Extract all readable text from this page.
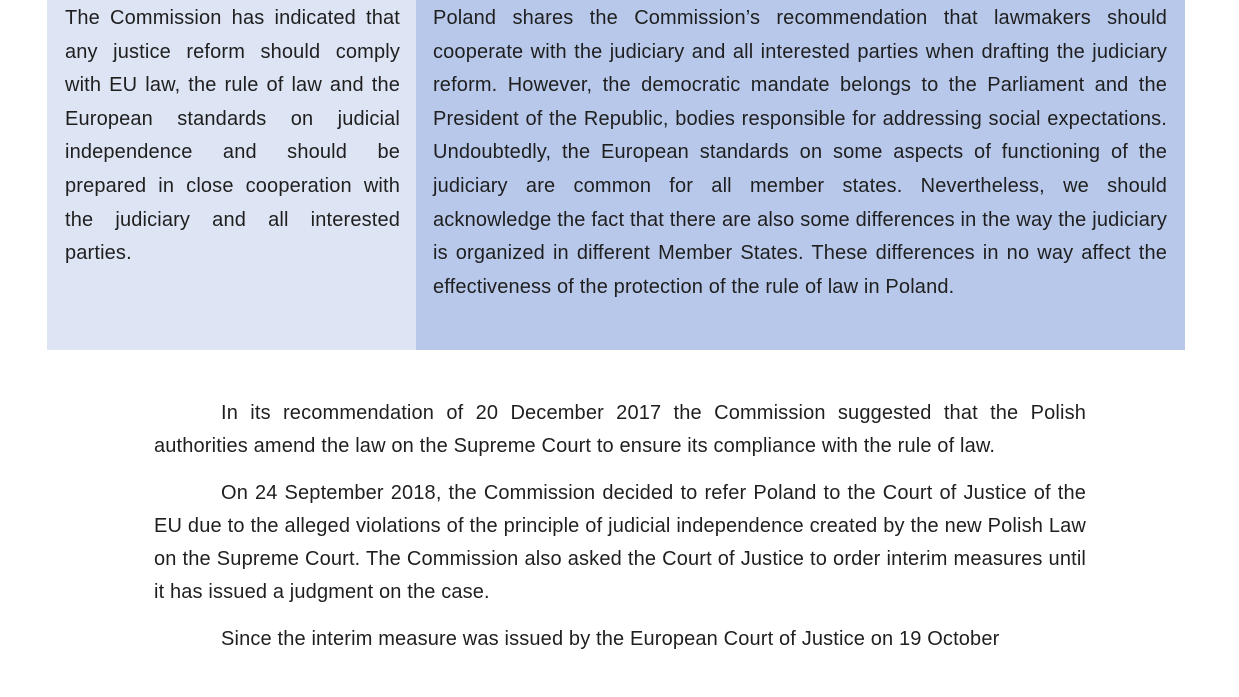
The Commission has indicated that any justice reform should comply with EU law, the rule of law and the European standards on judicial independence and should be prepared in close cooperation with the judiciary and all interested parties.

Poland shares the Commission’s recommendation that lawmakers should cooperate with the judiciary and all interested parties when drafting the judiciary reform. However, the democratic mandate belongs to the Parliament and the President of the Republic, bodies responsible for addressing social expectations. Undoubtedly, the European standards on some aspects of functioning of the judiciary are common for all member states. Nevertheless, we should acknowledge the fact that there are also some differences in the way the judiciary is organized in different Member States. These differences in no way affect the effectiveness of the protection of the rule of law in Poland.

In its recommendation of 20 December 2017 the Commission suggested that the Polish authorities amend the law on the Supreme Court to ensure its compliance with the rule of law.

On 24 September 2018, the Commission decided to refer Poland to the Court of Justice of the EU due to the alleged violations of the principle of judicial independence created by the new Polish Law on the Supreme Court. The Commission also asked the Court of Justice to order interim measures until it has issued a judgment on the case.

Since the interim measure was issued by the European Court of Justice on 19 October
